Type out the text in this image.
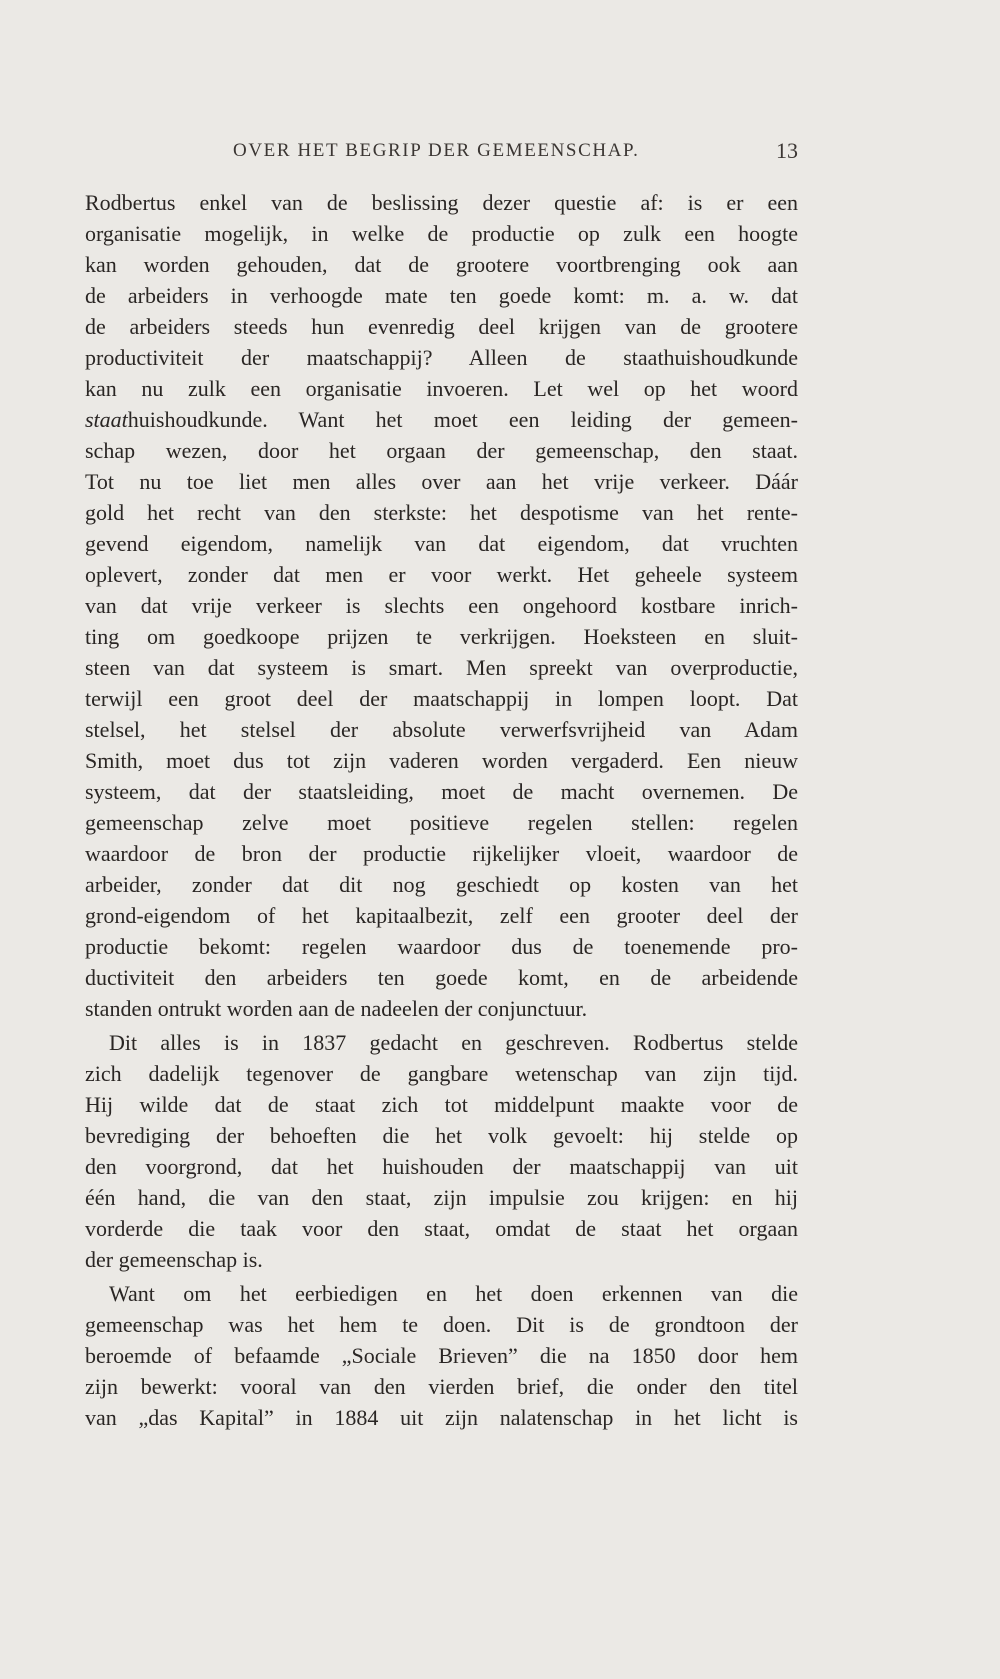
OVER HET BEGRIP DER GEMEENSCHAP.	13
Rodbertus enkel van de beslissing dezer questie af: is er een
organisatie mogelijk, in welke de productie op zulk een hoogte
kan worden gehouden, dat de grootere voortbrenging ook aan
de arbeiders in verhoogde mate ten goede komt: m. a. w. dat
de arbeiders steeds hun evenredig deel krijgen van de grootere
productiviteit der maatschappij? Alleen de staathuishoudkunde
kan nu zulk een organisatie invoeren. Let wel op het woord
staathuishoudkunde. Want het moet een leiding der gemeen-
schap wezen, door het orgaan der gemeenschap, den staat.
Tot nu toe liet men alles over aan het vrije verkeer. Dáár
gold het recht van den sterkste: het despotisme van het rente-
gevend eigendom, namelijk van dat eigendom, dat vruchten
oplevert, zonder dat men er voor werkt. Het geheele systeem
van dat vrije verkeer is slechts een ongehoord kostbare inrich-
ting om goedkoope prijzen te verkrijgen. Hoeksteen en sluit-
steen van dat systeem is smart. Men spreekt van overproductie,
terwijl een groot deel der maatschappij in lompen loopt. Dat
stelsel, het stelsel der absolute verwerfsvrijheid van Adam
Smith, moet dus tot zijn vaderen worden vergaderd. Een nieuw
systeem, dat der staatsleiding, moet de macht overnemen. De
gemeenschap zelve moet positieve regelen stellen: regelen
waardoor de bron der productie rijkelijker vloeit, waardoor de
arbeider, zonder dat dit nog geschiedt op kosten van het
grond-eigendom of het kapitaalbezit, zelf een grooter deel der
productie bekomt: regelen waardoor dus de toenemende pro-
ductiviteit den arbeiders ten goede komt, en de arbeidende
standen ontrukt worden aan de nadeelen der conjunctuur.
Dit alles is in 1837 gedacht en geschreven. Rodbertus stelde
zich dadelijk tegenover de gangbare wetenschap van zijn tijd.
Hij wilde dat de staat zich tot middelpunt maakte voor de
bevrediging der behoeften die het volk gevoelt: hij stelde op
den voorgrond, dat het huishouden der maatschappij van uit
één hand, die van den staat, zijn impulsie zou krijgen: en hij
vorderde die taak voor den staat, omdat de staat het orgaan
der gemeenschap is.
Want om het eerbiedigen en het doen erkennen van die
gemeenschap was het hem te doen. Dit is de grondtoon der
beroemde of befaamde „Sociale Brieven” die na 1850 door hem
zijn bewerkt: vooral van den vierden brief, die onder den titel
van „das Kapital” in 1884 uit zijn nalatenschap in het licht is
